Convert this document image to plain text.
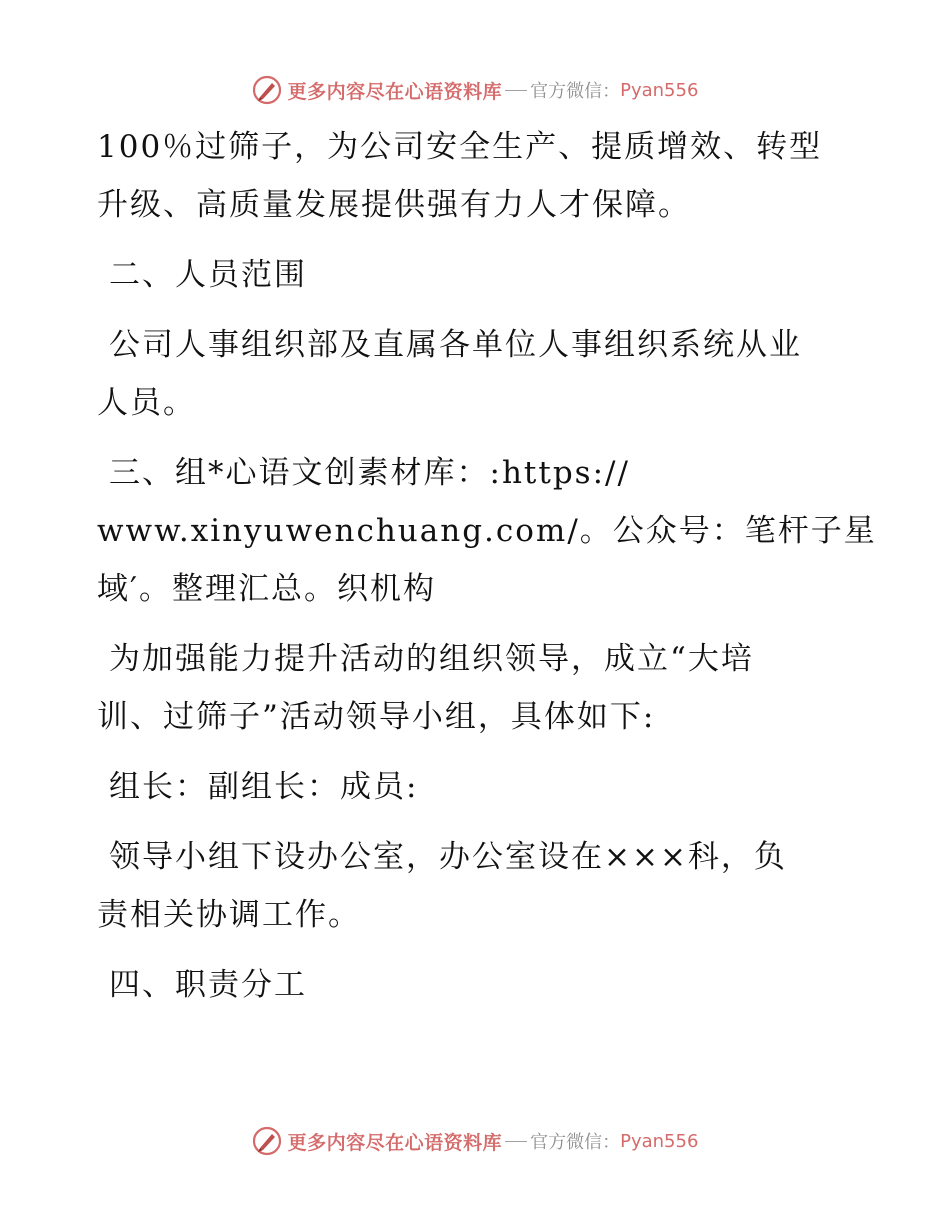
更多内容尽在心语资料库 官方微信： Pyan556
100％过筛子，为公司安全生产、提质增效、转型
升级、高质量发展提供强有力人才保障。
二、人员范围
公司人事组织部及直属各单位人事组织系统从业
人员。
三、组*心语文创素材库：:https://
www.xinyuwenchuang.com/。公众号：笔杆子星
域′。整理汇总。织机构
为加强能力提升活动的组织领导，成立“大培
训、过筛子”活动领导小组，具体如下:
组长：副组长：成员:
领导小组下设办公室，办公室设在×××科，负
责相关协调工作。
四、职责分工
更多内容尽在心语资料库 官方微信： Pyan556
